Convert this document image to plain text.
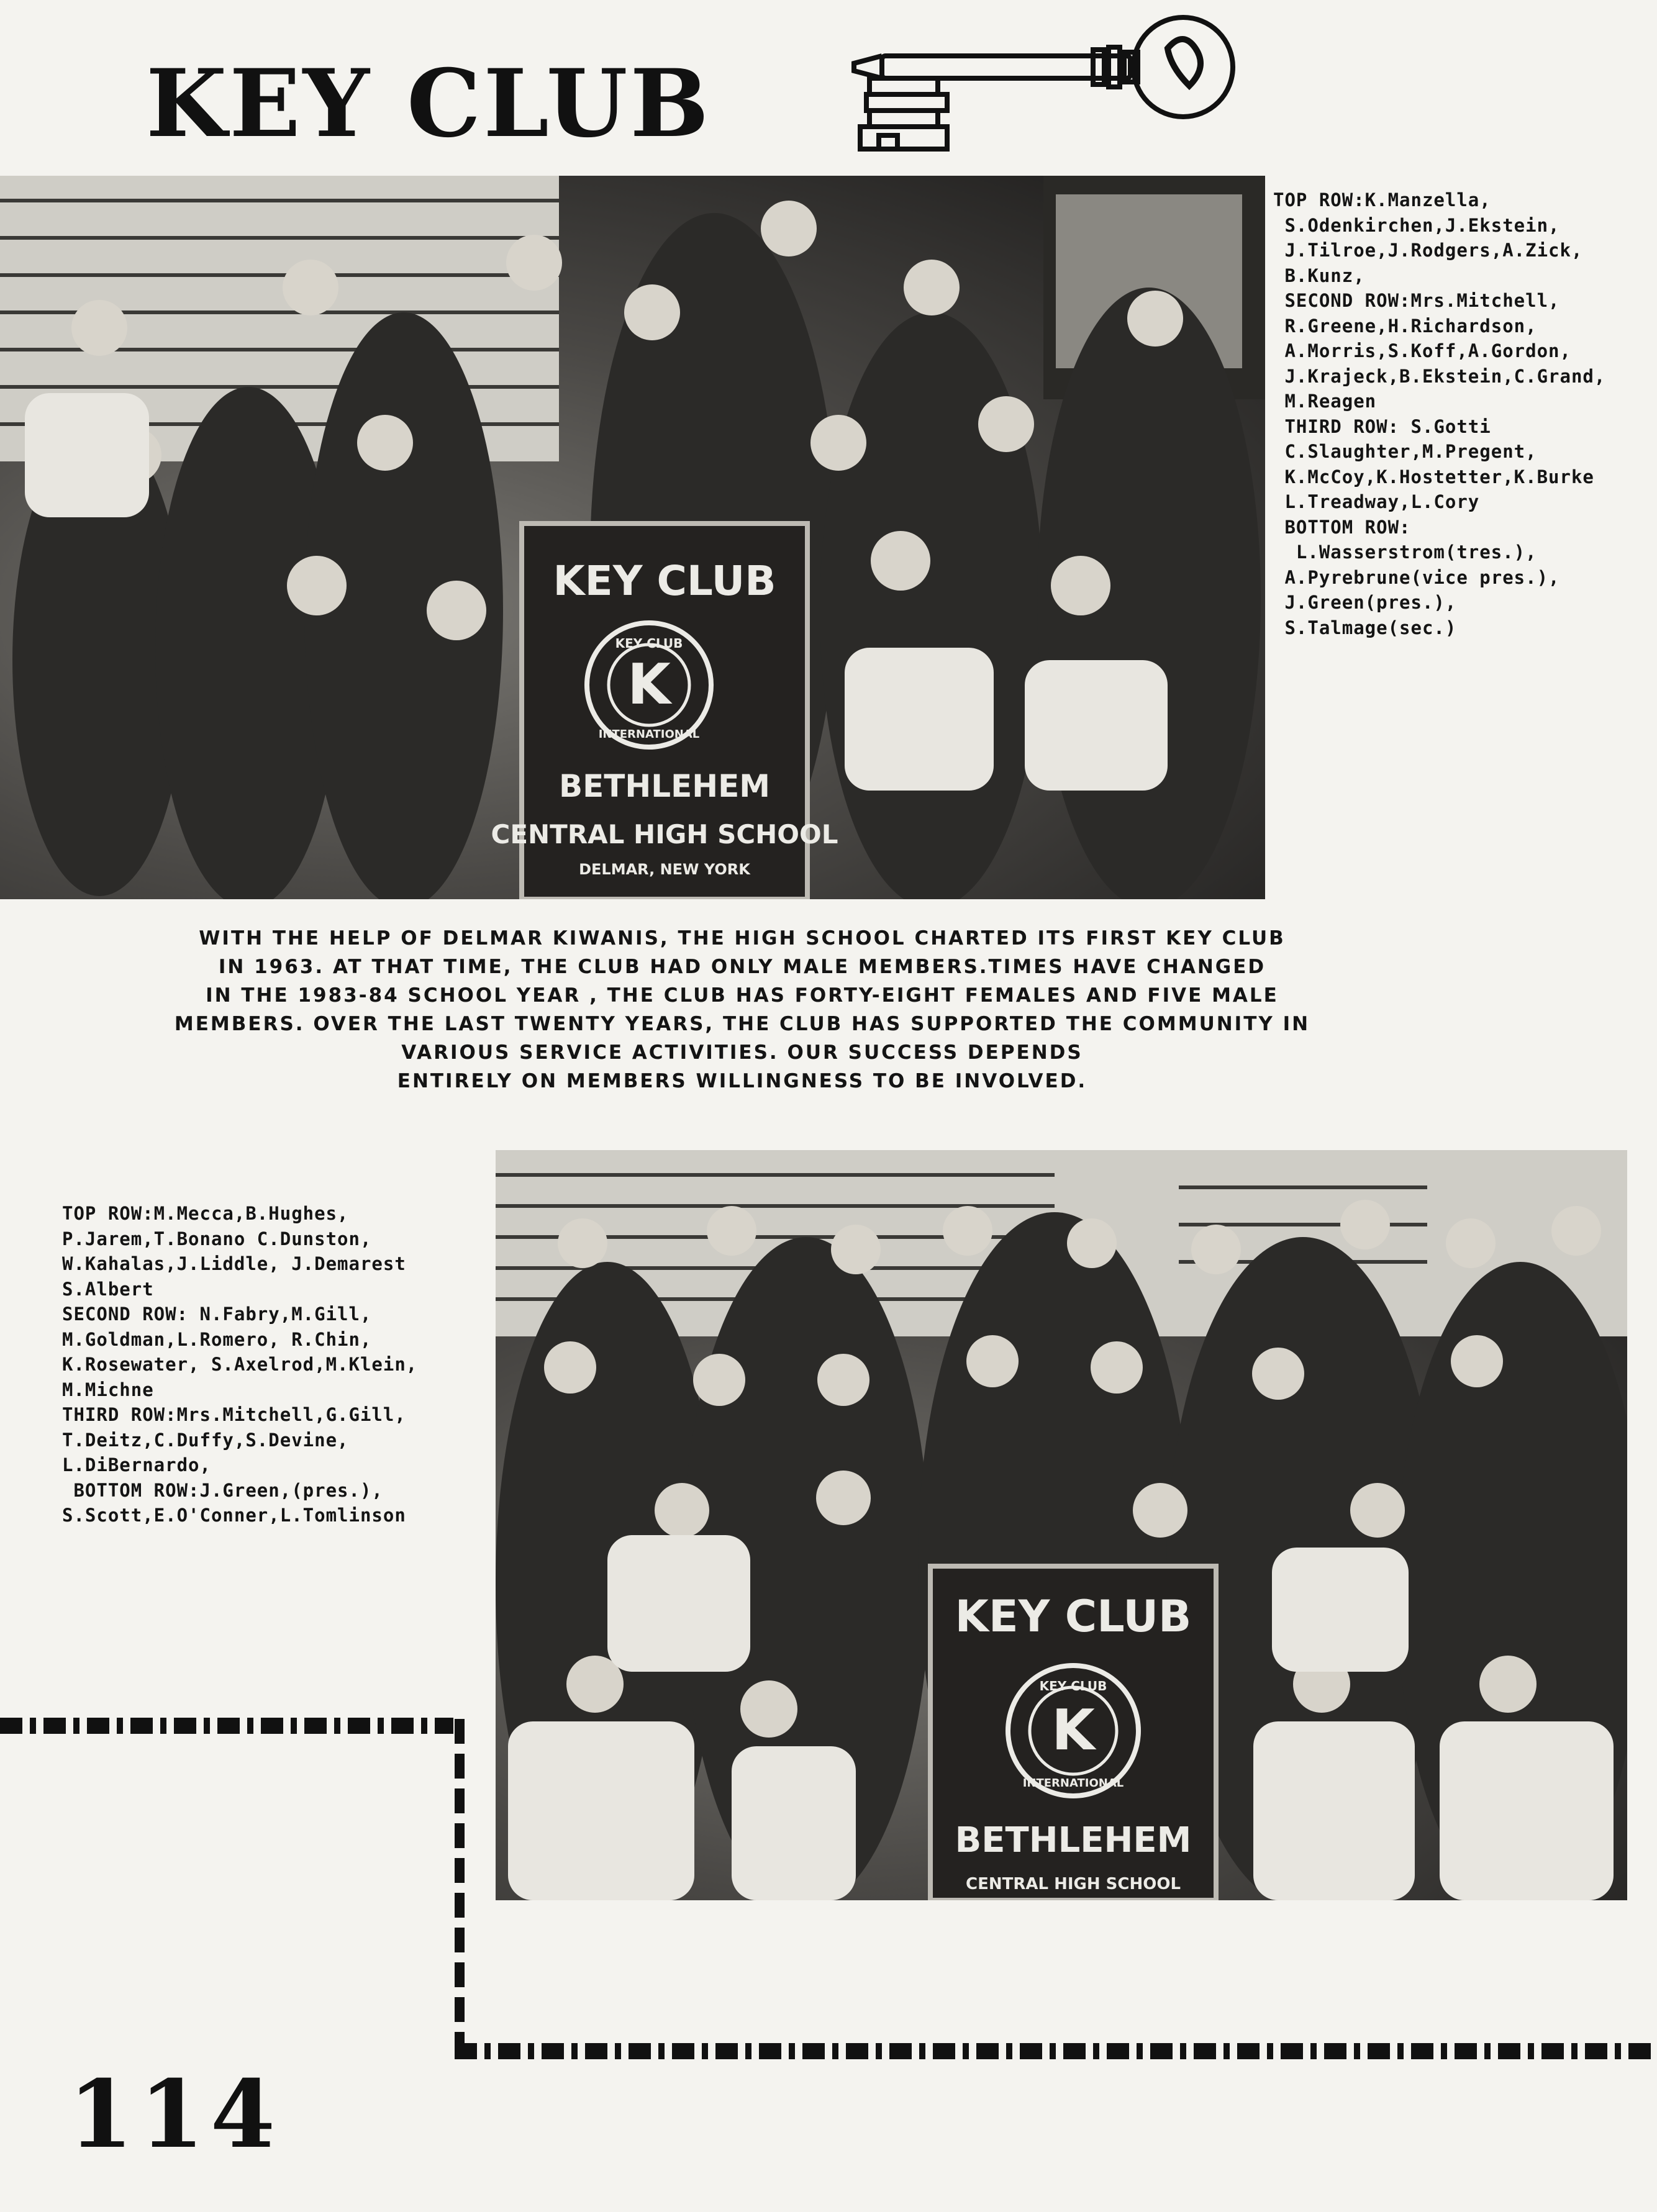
KEY CLUB
KEY CLUB
KEY CLUB
INTERNATIONAL
K
BETHLEHEM
CENTRAL HIGH SCHOOL
DELMAR, NEW YORK
TOP ROW:K.Manzella,
S.Odenkirchen,J.Ekstein,
J.Tilroe,J.Rodgers,A.Zick,
B.Kunz,
SECOND ROW:Mrs.Mitchell,
R.Greene,H.Richardson,
A.Morris,S.Koff,A.Gordon,
J.Krajeck,B.Ekstein,C.Grand,
M.Reagen
THIRD ROW: S.Gotti
C.Slaughter,M.Pregent,
K.McCoy,K.Hostetter,K.Burke
L.Treadway,L.Cory
BOTTOM ROW:
L.Wasserstrom(tres.),
A.Pyrebrune(vice pres.),
J.Green(pres.),
S.Talmage(sec.)
WITH THE HELP OF DELMAR KIWANIS, THE HIGH SCHOOL CHARTED ITS FIRST KEY CLUB
IN 1963. AT THAT TIME, THE CLUB HAD ONLY MALE MEMBERS.TIMES HAVE CHANGED
IN THE 1983-84 SCHOOL YEAR , THE CLUB HAS FORTY-EIGHT FEMALES AND FIVE MALE
MEMBERS. OVER THE LAST TWENTY YEARS, THE CLUB HAS SUPPORTED THE COMMUNITY IN
VARIOUS SERVICE ACTIVITIES. OUR SUCCESS DEPENDS
ENTIRELY ON MEMBERS WILLINGNESS TO BE INVOLVED.
TOP ROW:M.Mecca,B.Hughes,
P.Jarem,T.Bonano C.Dunston,
W.Kahalas,J.Liddle, J.Demarest
S.Albert
SECOND ROW: N.Fabry,M.Gill,
M.Goldman,L.Romero, R.Chin,
K.Rosewater, S.Axelrod,M.Klein,
M.Michne
THIRD ROW:Mrs.Mitchell,G.Gill,
T.Deitz,C.Duffy,S.Devine,
L.DiBernardo,
BOTTOM ROW:J.Green,(pres.),
S.Scott,E.O'Conner,L.Tomlinson
KEY CLUB
KEY CLUB
INTERNATIONAL
K
BETHLEHEM
CENTRAL HIGH SCHOOL
114
